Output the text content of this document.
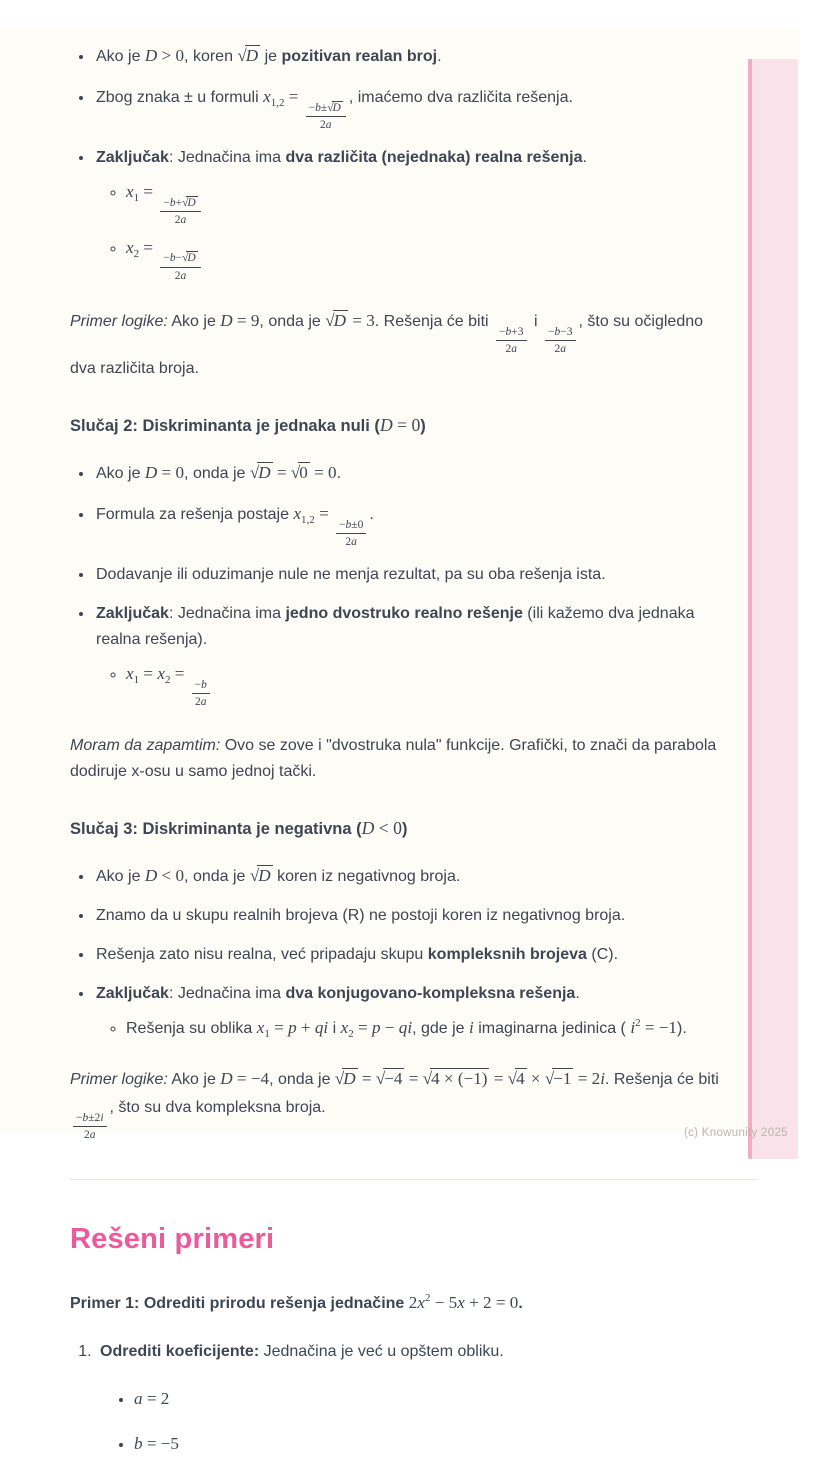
• Ako je D > 0, koren √D je pozitivan realan broj.
• Zbog znaka ± u formuli $x_{1,2}$ =
$\frac{-b\pm√D}{2a}$
, imaćemo dva različita rešenja.
• Zaključak: Jednačina ima dva različita (nejednaka) realna rešenja.
◦ $x_1$ =
$\frac{-b+√D}{2a}$
◦ $x_2$ =
$\frac{-b-√D}{2a}$

Primer logike: Ako je D = 9, onda je √D = 3. Rešenja će biti
$\frac{-b+3}{2a}$
i
$\frac{-b-3}{2a}$
, što su očigledno dva različita broja.

Slučaj 2: Diskriminanta je jednaka nuli (D = 0)
• Ako je D = 0, onda je √D = √0 = 0.
• Formula za rešenja postaje $x_{1,2}$ =
$\frac{-b\pm 0}{2a}$
.
• Dodavanje ili oduzimanje nule ne menja rezultat, pa su oba rešenja ista.
• Zaključak: Jednačina ima jedno dvostruko realno rešenje (ili kažemo dva jednaka realna rešenja).
◦ $x_1 = x_2$ =
$\frac{-b}{2a}$

Moram da zapamtim: Ovo se zove i "dvostruka nula" funkcije. Grafički, to znači da parabola dodiruje x-osu u samo jednoj tački.

Slučaj 3: Diskriminanta je negativna (D < 0)
• Ako je D < 0, onda je √D koren iz negativnog broja.
• Znamo da u skupu realnih brojeva (R) ne postoji koren iz negativnog broja.
• Rešenja zato nisu realna, već pripadaju skupu kompleksnih brojeva (C).
• Zaključak: Jednačina ima dva konjugovano-kompleksna rešenja.
◦ Rešenja su oblika $x_1 = p$ + qi i $x_2 = p$ − qi, gde je i imaginarna jedinica ( $i^2 = -1$).

Primer logike: Ako je D = −4, onda je √D = √−4 = √4 × (−1) = √4 × √−1 = 2i. Rešenja će biti
$\frac{-b\pm 2i}{2a}$
, što su dva kompleksna broja.

Rešeni primeri

Primer 1: Odrediti prirodu rešenja jednačine $2x^2 - 5x + 2 = 0$.

1. Odrediti koeficijente: Jednačina je već u opštem obliku.
• a = 2
• b = −5
(c) Knowunity 2025
